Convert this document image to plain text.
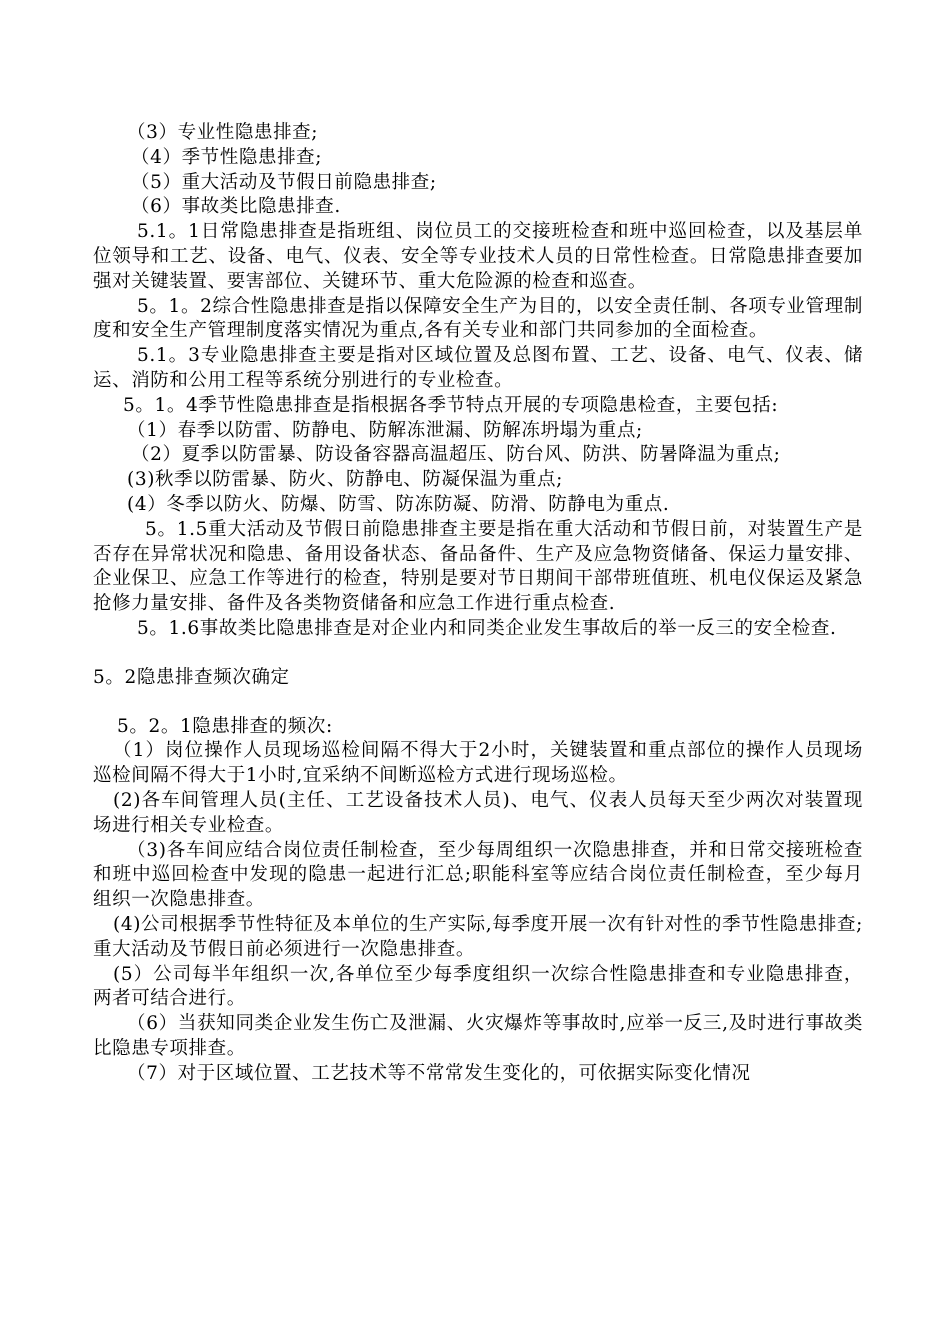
（3）专业性隐患排查;

（4）季节性隐患排查;

（5）重大活动及节假日前隐患排查;

（6）事故类比隐患排查.

5.1。1日常隐患排查是指班组、岗位员工的交接班检查和班中巡回检查，以及基层单位领导和工艺、设备、电气、仪表、安全等专业技术人员的日常性检查。日常隐患排查要加强对关键装置、要害部位、关键环节、重大危险源的检查和巡查。

5。1。2综合性隐患排查是指以保障安全生产为目的，以安全责任制、各项专业管理制度和安全生产管理制度落实情况为重点,各有关专业和部门共同参加的全面检查。

5.1。3专业隐患排查主要是指对区域位置及总图布置、工艺、设备、电气、仪表、储运、消防和公用工程等系统分别进行的专业检查。

5。1。4季节性隐患排查是指根据各季节特点开展的专项隐患检查，主要包括:

（1）春季以防雷、防静电、防解冻泄漏、防解冻坍塌为重点;

（2）夏季以防雷暴、防设备容器高温超压、防台风、防洪、防暑降温为重点;

(3)秋季以防雷暴、防火、防静电、防凝保温为重点;

(4）冬季以防火、防爆、防雪、防冻防凝、防滑、防静电为重点.

5。1.5重大活动及节假日前隐患排查主要是指在重大活动和节假日前，对装置生产是否存在异常状况和隐患、备用设备状态、备品备件、生产及应急物资储备、保运力量安排、企业保卫、应急工作等进行的检查，特别是要对节日期间干部带班值班、机电仪保运及紧急抢修力量安排、备件及各类物资储备和应急工作进行重点检查.

5。1.6事故类比隐患排查是对企业内和同类企业发生事故后的举一反三的安全检查.

5。2隐患排查频次确定

5。2。1隐患排查的频次:

（1）岗位操作人员现场巡检间隔不得大于2小时，关键装置和重点部位的操作人员现场巡检间隔不得大于1小时,宜采纳不间断巡检方式进行现场巡检。

(2)各车间管理人员(主任、工艺设备技术人员)、电气、仪表人员每天至少两次对装置现场进行相关专业检查。

（3)各车间应结合岗位责任制检查，至少每周组织一次隐患排查，并和日常交接班检查和班中巡回检查中发现的隐患一起进行汇总;职能科室等应结合岗位责任制检查，至少每月组织一次隐患排查。

(4)公司根据季节性特征及本单位的生产实际,每季度开展一次有针对性的季节性隐患排查;重大活动及节假日前必须进行一次隐患排查。

(5）公司每半年组织一次,各单位至少每季度组织一次综合性隐患排查和专业隐患排查，两者可结合进行。

（6）当获知同类企业发生伤亡及泄漏、火灾爆炸等事故时,应举一反三,及时进行事故类比隐患专项排查。

（7）对于区域位置、工艺技术等不常常发生变化的，可依据实际变化情况
